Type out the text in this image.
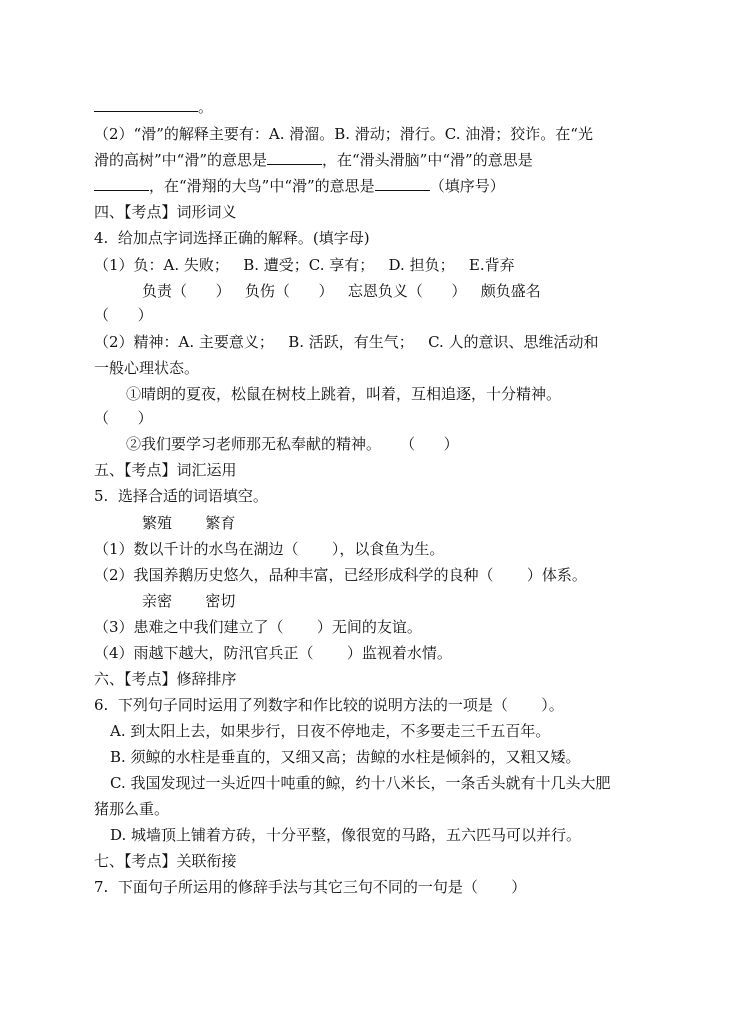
。
（2）“滑”的解释主要有：A. 滑溜。B. 滑动；滑行。C. 油滑；狡诈。在“光
滑的高树”中“滑”的意思是	，在“滑头滑脑”中“滑”的意思是
，在“滑翔的大鸟”中“滑”的意思是	（填序号）
四、【考点】词形词义
4.  给加点字词选择正确的解释。(填字母)
（1）负：A. 失败；   B. 遭受；C. 享有；   D. 担负；   E.背弃
负责（      ）   负伤（      ）   忘恩负义（      ）   颇负盛名
（      ）
（2）精神：A. 主要意义；   B. 活跃，有生气；   C. 人的意识、思维活动和
一般心理状态。
①晴朗的夏夜，松鼠在树枝上跳着，叫着，互相追逐，十分精神。
（      ）
②我们要学习老师那无私奉献的精神。    （      ）
五、【考点】词汇运用
5.  选择合适的词语填空。
繁殖       繁育
（1）数以千计的水鸟在湖边（       ），以食鱼为生。
（2）我国养鹅历史悠久，品种丰富，已经形成科学的良种（       ）体系。
亲密       密切
（3）患难之中我们建立了（       ）无间的友谊。
（4）雨越下越大，防汛官兵正（       ）监视着水情。
六、【考点】修辞排序
6.  下列句子同时运用了列数字和作比较的说明方法的一项是（       ）。
A. 到太阳上去，如果步行，日夜不停地走，不多要走三千五百年。
B. 须鲸的水柱是垂直的，又细又高；齿鲸的水柱是倾斜的，又粗又矮。
C. 我国发现过一头近四十吨重的鲸，约十八米长，一条舌头就有十几头大肥
猪那么重。
D. 城墙顶上铺着方砖，十分平整，像很宽的马路，五六匹马可以并行。
七、【考点】关联衔接
7.  下面句子所运用的修辞手法与其它三句不同的一句是（       ）
